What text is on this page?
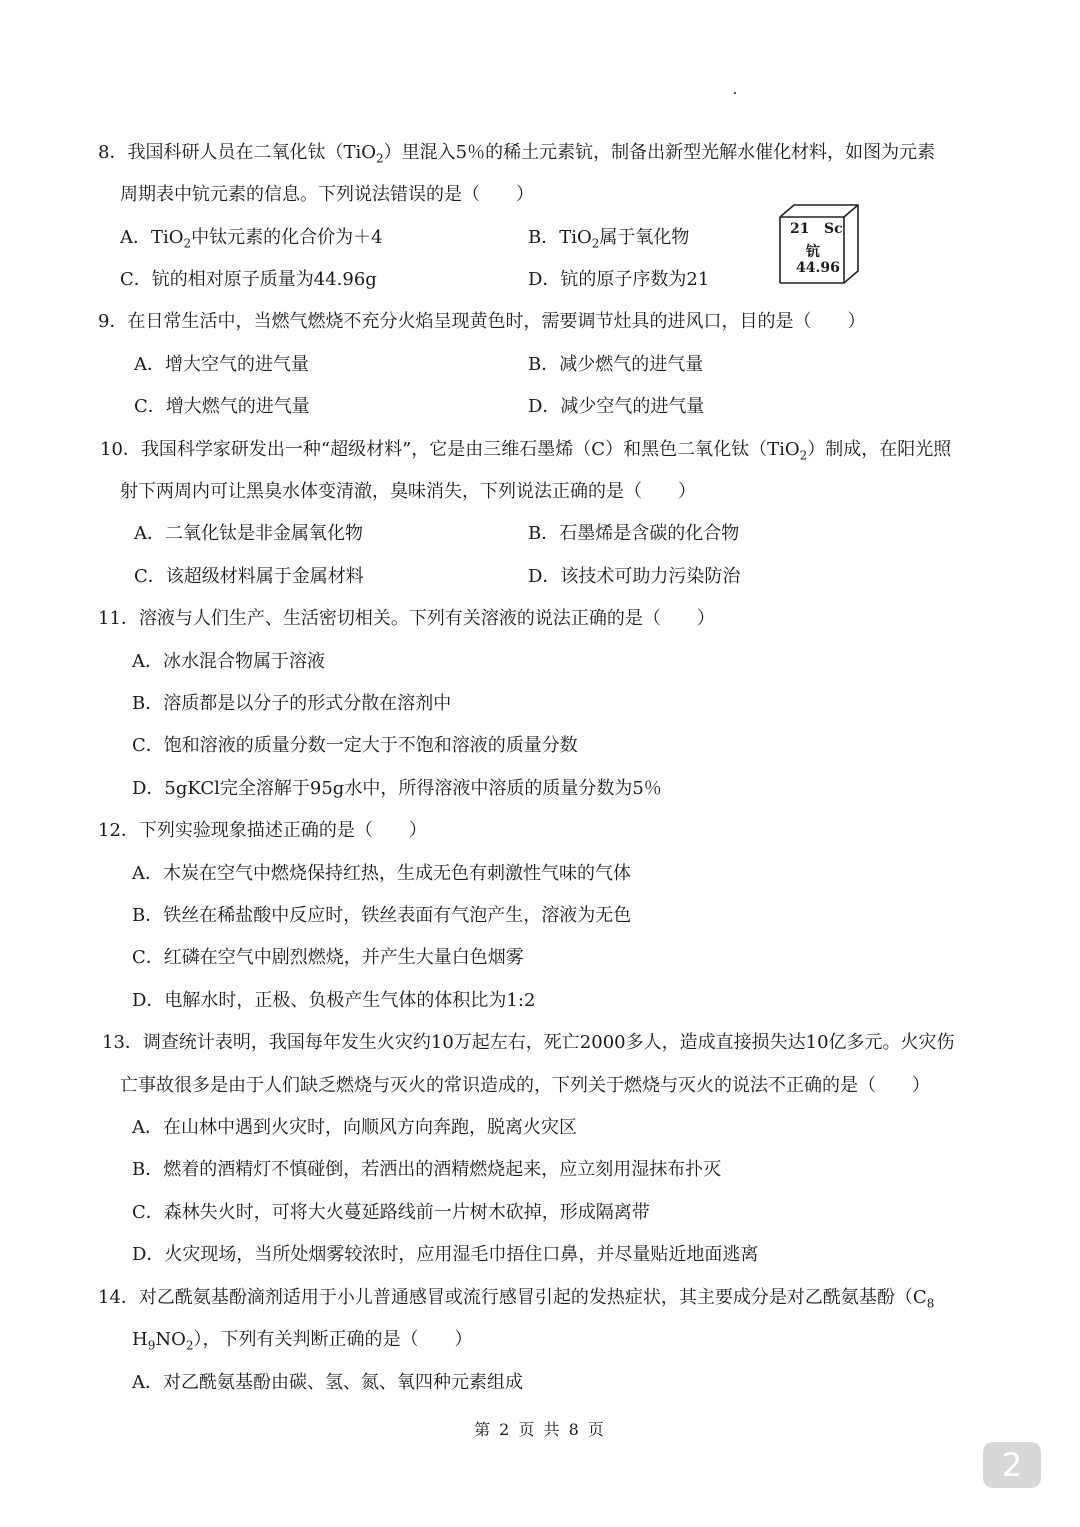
8．我国科研人员在二氧化钛（TiO$_2$）里混入5％的稀土元素钪，制备出新型光解水催化材料，如图为元素
周期表中钪元素的信息。下列说法错误的是（　　）
A．TiO$_2$中钛元素的化合价为＋4	B．TiO$_2$属于氧化物
C．钪的相对原子质量为44.96g	D．钪的原子序数为21
21 Sc
钪
44.96
9．在日常生活中，当燃气燃烧不充分火焰呈现黄色时，需要调节灶具的进风口，目的是（　　）
A．增大空气的进气量	B．减少燃气的进气量
C．增大燃气的进气量	D．减少空气的进气量
10．我国科学家研发出一种“超级材料”，它是由三维石墨烯（C）和黑色二氧化钛（TiO$_2$）制成，在阳光照
射下两周内可让黑臭水体变清澈，臭味消失，下列说法正确的是（　　）
A．二氧化钛是非金属氧化物	B．石墨烯是含碳的化合物
C．该超级材料属于金属材料	D．该技术可助力污染防治
11．溶液与人们生产、生活密切相关。下列有关溶液的说法正确的是（　　）
A．冰水混合物属于溶液
B．溶质都是以分子的形式分散在溶剂中
C．饱和溶液的质量分数一定大于不饱和溶液的质量分数
D．5gKCl完全溶解于95g水中，所得溶液中溶质的质量分数为5％
12．下列实验现象描述正确的是（　　）
A．木炭在空气中燃烧保持红热，生成无色有刺激性气味的气体
B．铁丝在稀盐酸中反应时，铁丝表面有气泡产生，溶液为无色
C．红磷在空气中剧烈燃烧，并产生大量白色烟雾
D．电解水时，正极、负极产生气体的体积比为1:2
13．调查统计表明，我国每年发生火灾约10万起左右，死亡2000多人，造成直接损失达10亿多元。火灾伤
亡事故很多是由于人们缺乏燃烧与灭火的常识造成的，下列关于燃烧与灭火的说法不正确的是（　　）
A．在山林中遇到火灾时，向顺风方向奔跑，脱离火灾区
B．燃着的酒精灯不慎碰倒，若洒出的酒精燃烧起来，应立刻用湿抹布扑灭
C．森林失火时，可将大火蔓延路线前一片树木砍掉，形成隔离带
D．火灾现场，当所处烟雾较浓时，应用湿毛巾捂住口鼻，并尽量贴近地面逃离
14．对乙酰氨基酚滴剂适用于小儿普通感冒或流行感冒引起的发热症状，其主要成分是对乙酰氨基酚（$C_8$
$H_9NO_2$），下列有关判断正确的是（　　）
A．对乙酰氨基酚由碳、氢、氮、氧四种元素组成
第 2 页 共 8 页
2
